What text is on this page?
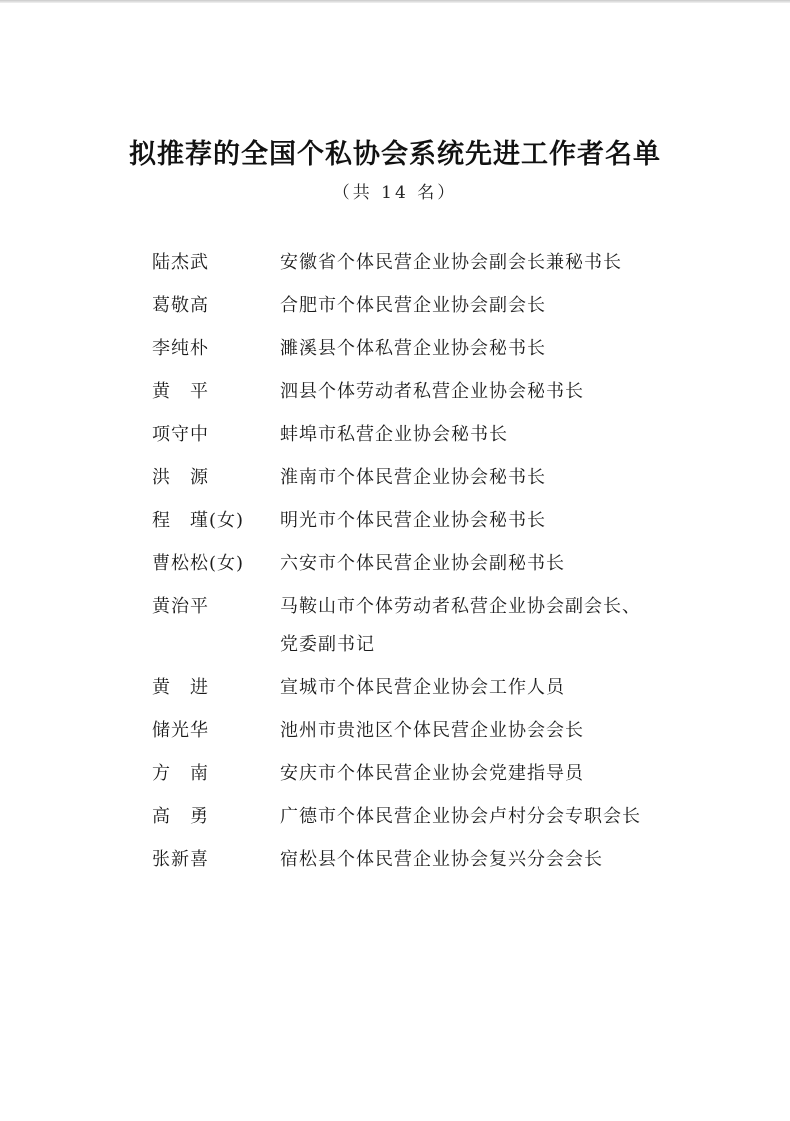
拟推荐的全国个私协会系统先进工作者名单
（共 14 名）
陆杰武	安徽省个体民营企业协会副会长兼秘书长
葛敬高	合肥市个体民营企业协会副会长
李纯朴	濉溪县个体私营企业协会秘书长
黄　平	泗县个体劳动者私营企业协会秘书长
项守中	蚌埠市私营企业协会秘书长
洪　源	淮南市个体民营企业协会秘书长
程　瑾(女)	明光市个体民营企业协会秘书长
曹松松(女)	六安市个体民营企业协会副秘书长
黄治平	马鞍山市个体劳动者私营企业协会副会长、
党委副书记
黄　进	宣城市个体民营企业协会工作人员
储光华	池州市贵池区个体民营企业协会会长
方　南	安庆市个体民营企业协会党建指导员
高　勇	广德市个体民营企业协会卢村分会专职会长
张新喜	宿松县个体民营企业协会复兴分会会长
